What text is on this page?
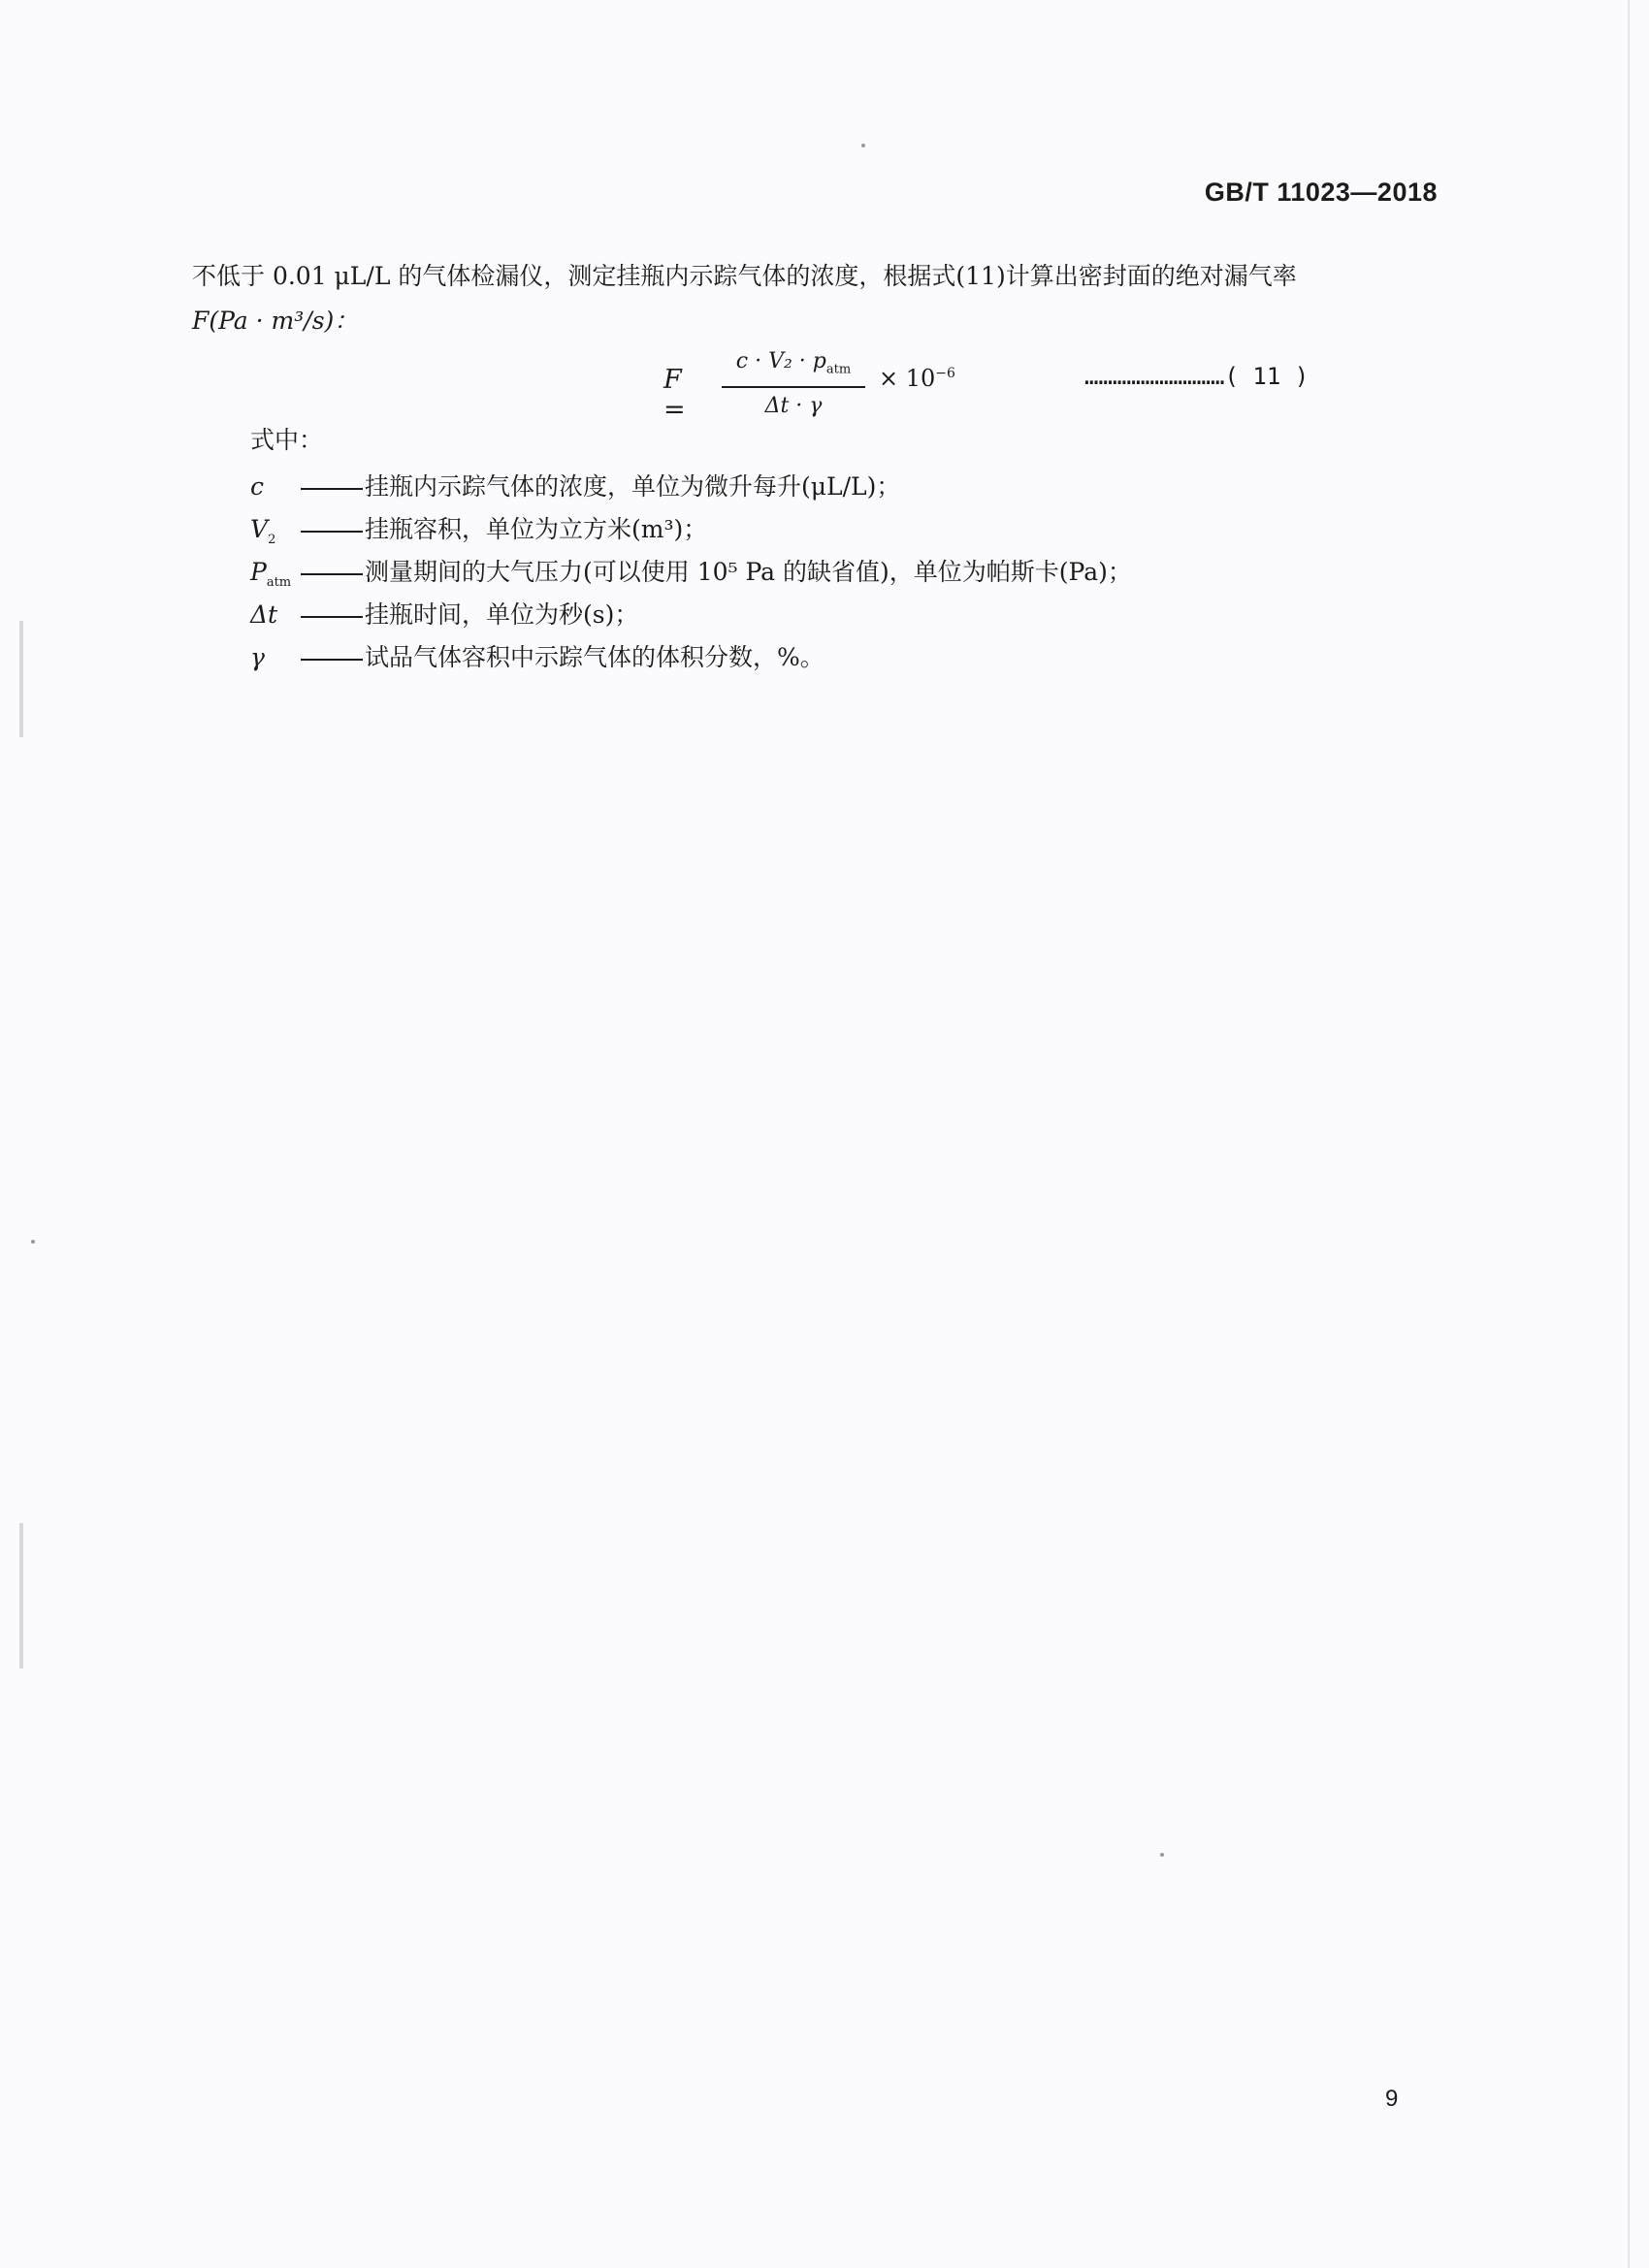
GB/T 11023—2018
不低于 0.01 μL/L 的气体检漏仪，测定挂瓶内示踪气体的浓度，根据式(11)计算出密封面的绝对漏气率
F(Pa · m³/s)：
F =
$c \cdot V_2 \cdot p_{atm}$
Δt · γ
× $10^{-6}$	…………………………( 11 )
式中：
c	挂瓶内示踪气体的浓度，单位为微升每升(μL/L)；
$V_2$	挂瓶容积，单位为立方米(m³)；
$P_{atm}$	测量期间的大气压力(可以使用 10⁵ Pa 的缺省值)，单位为帕斯卡(Pa)；
Δt	挂瓶时间，单位为秒(s)；
γ	试品气体容积中示踪气体的体积分数，%。
9
